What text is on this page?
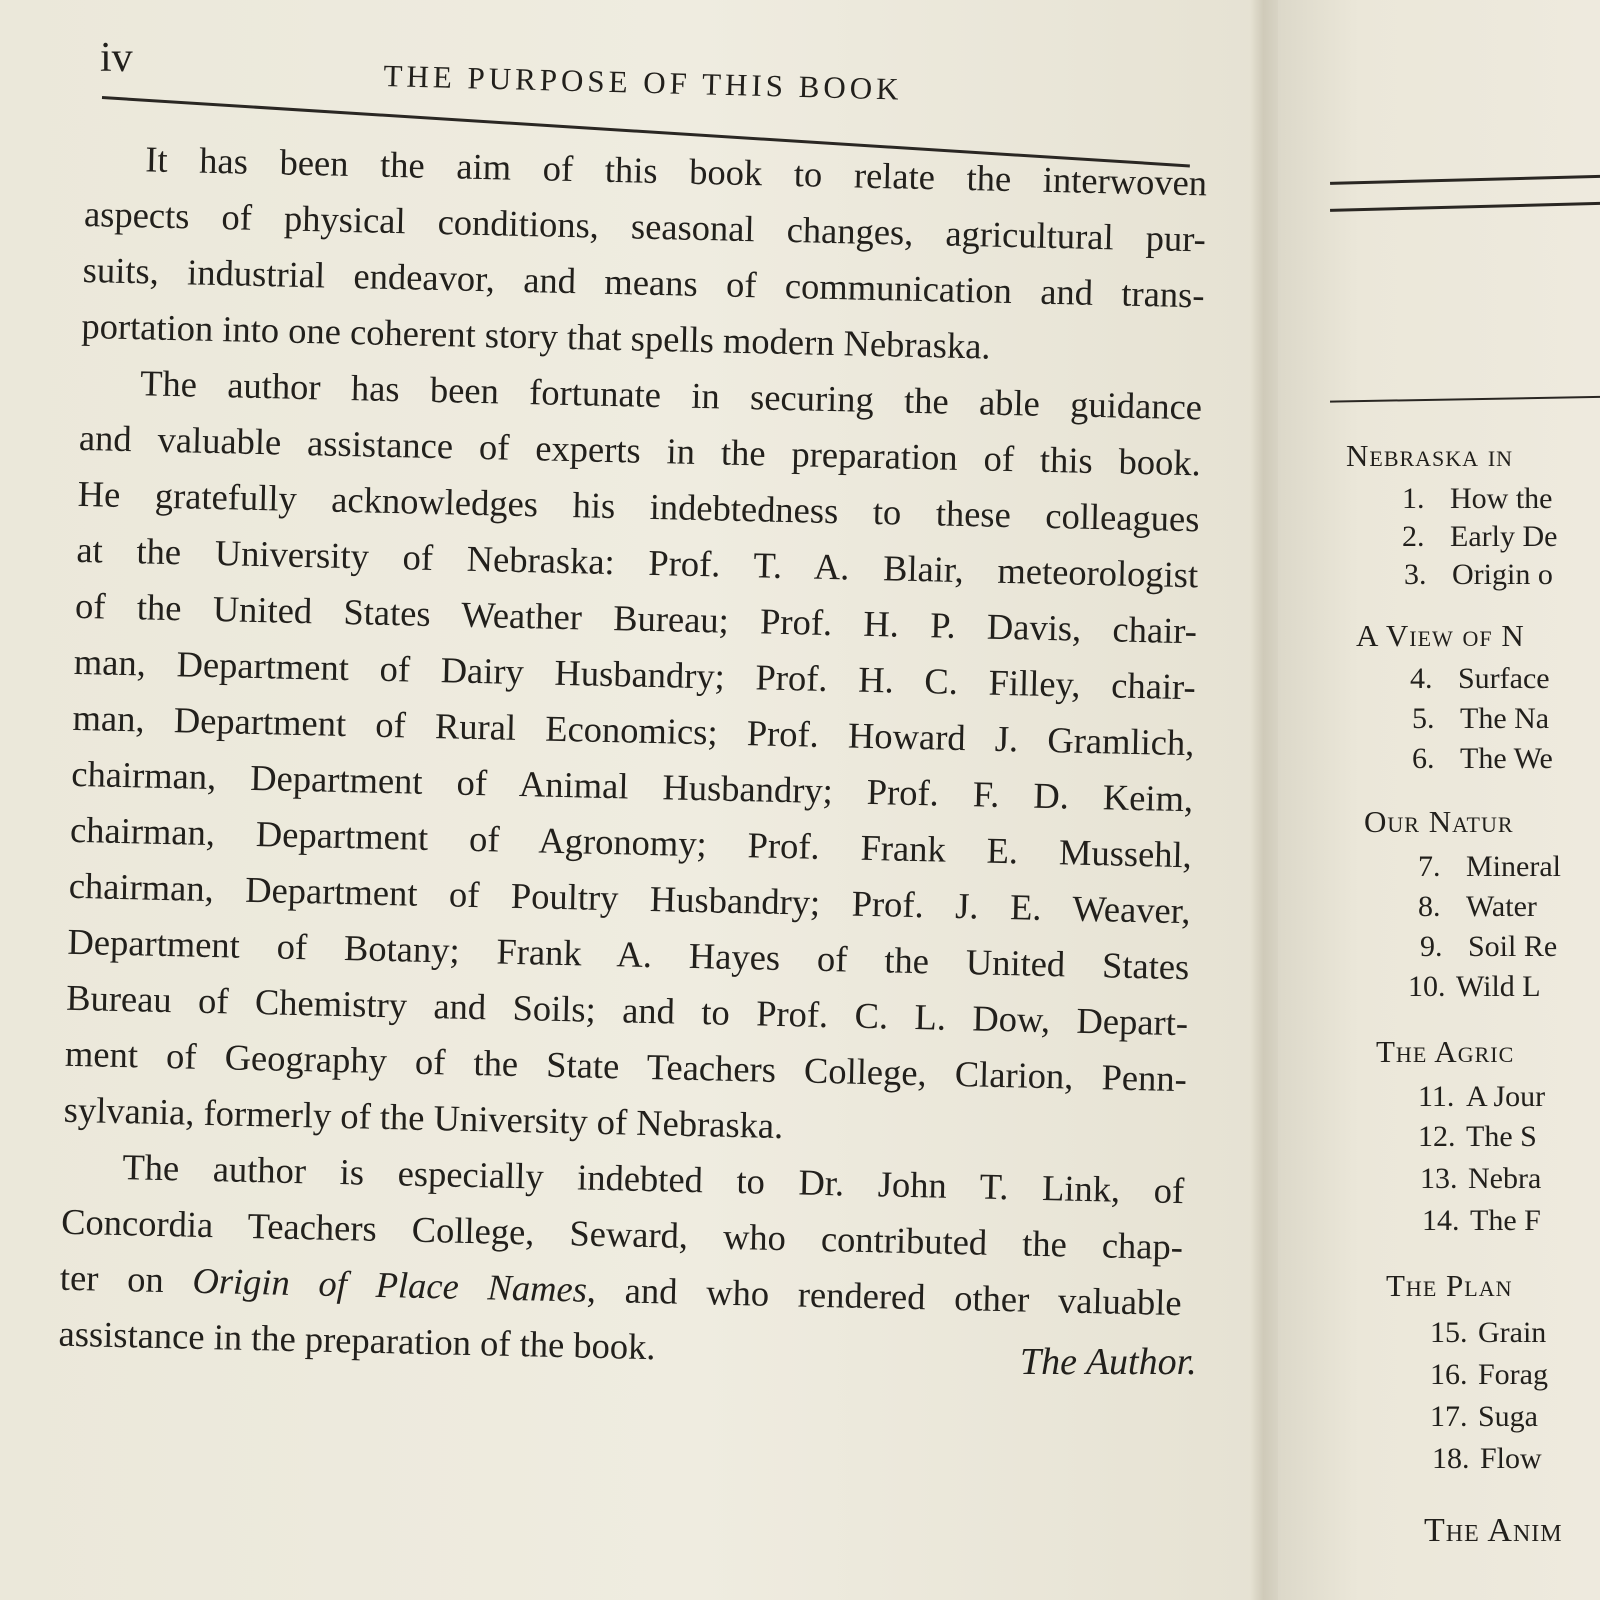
iv	THE PURPOSE OF THIS BOOK
It has been the aim of this book to relate the interwoven
aspects of physical conditions, seasonal changes, agricultural pur-
suits, industrial endeavor, and means of communication and trans-
portation into one coherent story that spells modern Nebraska.
The author has been fortunate in securing the able guidance
and valuable assistance of experts in the preparation of this book.
He gratefully acknowledges his indebtedness to these colleagues
at the University of Nebraska: Prof. T. A. Blair, meteorologist
of the United States Weather Bureau; Prof. H. P. Davis, chair-
man, Department of Dairy Husbandry; Prof. H. C. Filley, chair-
man, Department of Rural Economics; Prof. Howard J. Gramlich,
chairman, Department of Animal Husbandry; Prof. F. D. Keim,
chairman, Department of Agronomy; Prof. Frank E. Mussehl,
chairman, Department of Poultry Husbandry; Prof. J. E. Weaver,
Department of Botany; Frank A. Hayes of the United States
Bureau of Chemistry and Soils; and to Prof. C. L. Dow, Depart-
ment of Geography of the State Teachers College, Clarion, Penn-
sylvania, formerly of the University of Nebraska.
The author is especially indebted to Dr. John T. Link, of
Concordia Teachers College, Seward, who contributed the chap-
ter on Origin of Place Names, and who rendered other valuable
assistance in the preparation of the book.	The Author.
Nebraska in
1. How the
2. Early De
3. Origin o
A View of N
4. Surface
5. The Na
6. The We
Our Natur
7. Mineral
8. Water
9. Soil Re
10. Wild L
The Agric
11. A Jour
12. The S
13. Nebra
14. The F
The Plan
15. Grain
16. Forag
17. Suga
18. Flow
The Anim
